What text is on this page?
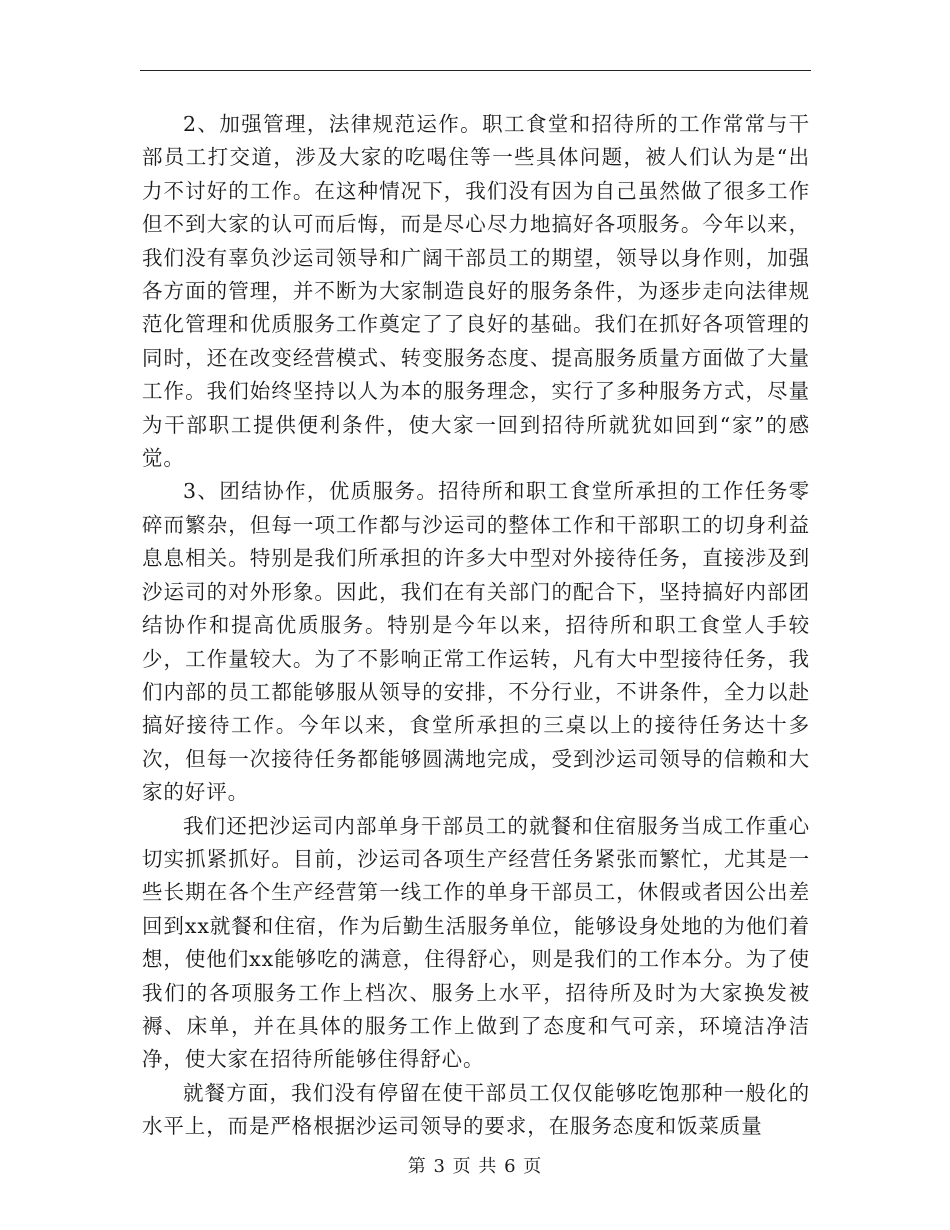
2、加强管理，法律规范运作。职工食堂和招待所的工作常常与干部员工打交道，涉及大家的吃喝住等一些具体问题，被人们认为是“出力不讨好的工作。在这种情况下，我们没有因为自己虽然做了很多工作但不到大家的认可而后悔，而是尽心尽力地搞好各项服务。今年以来，我们没有辜负沙运司领导和广阔干部员工的期望，领导以身作则，加强各方面的管理，并不断为大家制造良好的服务条件，为逐步走向法律规范化管理和优质服务工作奠定了了良好的基础。我们在抓好各项管理的同时，还在改变经营模式、转变服务态度、提高服务质量方面做了大量工作。我们始终坚持以人为本的服务理念，实行了多种服务方式，尽量为干部职工提供便利条件，使大家一回到招待所就犹如回到“家”的感觉。

3、团结协作，优质服务。招待所和职工食堂所承担的工作任务零碎而繁杂，但每一项工作都与沙运司的整体工作和干部职工的切身利益息息相关。特别是我们所承担的许多大中型对外接待任务，直接涉及到沙运司的对外形象。因此，我们在有关部门的配合下，坚持搞好内部团结协作和提高优质服务。特别是今年以来，招待所和职工食堂人手较少，工作量较大。为了不影响正常工作运转，凡有大中型接待任务，我们内部的员工都能够服从领导的安排，不分行业，不讲条件，全力以赴搞好接待工作。今年以来，食堂所承担的三桌以上的接待任务达十多次，但每一次接待任务都能够圆满地完成，受到沙运司领导的信赖和大家的好评。

我们还把沙运司内部单身干部员工的就餐和住宿服务当成工作重心切实抓紧抓好。目前，沙运司各项生产经营任务紧张而繁忙，尤其是一些长期在各个生产经营第一线工作的单身干部员工，休假或者因公出差回到xx就餐和住宿，作为后勤生活服务单位，能够设身处地的为他们着想，使他们xx能够吃的满意，住得舒心，则是我们的工作本分。为了使我们的各项服务工作上档次、服务上水平，招待所及时为大家换发被褥、床单，并在具体的服务工作上做到了态度和气可亲，环境洁净洁净，使大家在招待所能够住得舒心。

就餐方面，我们没有停留在使干部员工仅仅能够吃饱那种一般化的水平上，而是严格根据沙运司领导的要求，在服务态度和饭菜质量

第 3 页 共 6 页
